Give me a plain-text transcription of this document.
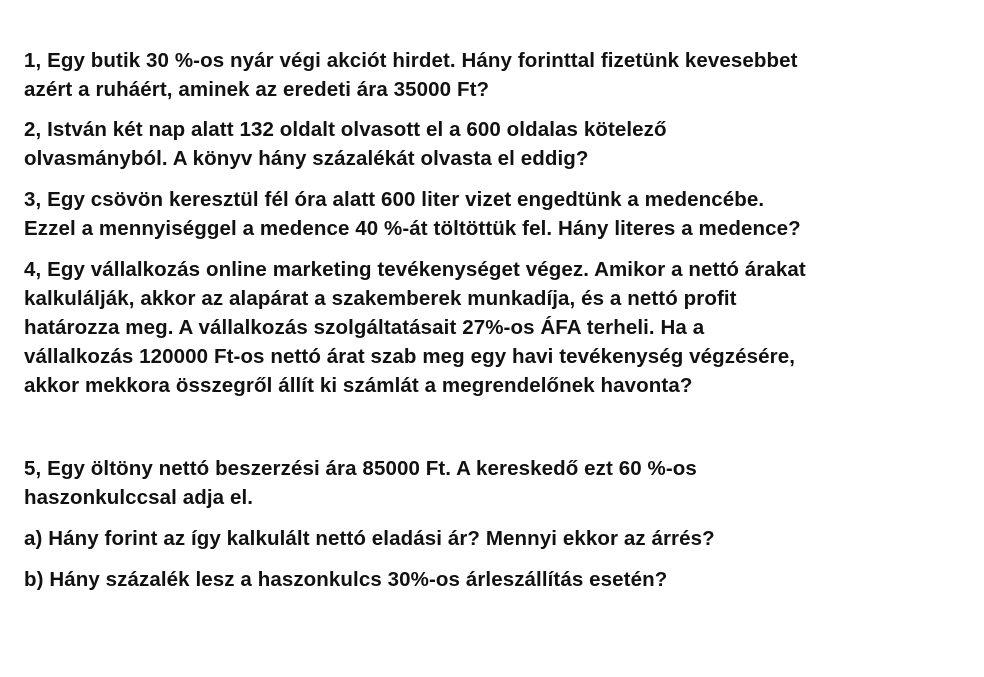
1, Egy butik 30 %-os nyár végi akciót hirdet. Hány forinttal fizetünk kevesebbet
azért a ruháért, aminek az eredeti ára 35000 Ft?

2, István két nap alatt 132 oldalt olvasott el a 600 oldalas kötelező
olvasmányból. A könyv hány százalékát olvasta el eddig?

3, Egy csövön keresztül fél óra alatt 600 liter vizet engedtünk a medencébe.
Ezzel a mennyiséggel a medence 40 %-át töltöttük fel. Hány literes a medence?

4, Egy vállalkozás online marketing tevékenységet végez. Amikor a nettó árakat
kalkulálják, akkor az alapárat a szakemberek munkadíja, és a nettó profit
határozza meg. A vállalkozás szolgáltatásait 27%-os ÁFA terheli. Ha a
vállalkozás 120000 Ft-os nettó árat szab meg egy havi tevékenység végzésére,
akkor mekkora összegről állít ki számlát a megrendelőnek havonta?

5, Egy öltöny nettó beszerzési ára 85000 Ft. A kereskedő ezt 60 %-os
haszonkulccsal adja el.

a) Hány forint az így kalkulált nettó eladási ár? Mennyi ekkor az árrés?

b) Hány százalék lesz a haszonkulcs 30%-os árleszállítás esetén?
